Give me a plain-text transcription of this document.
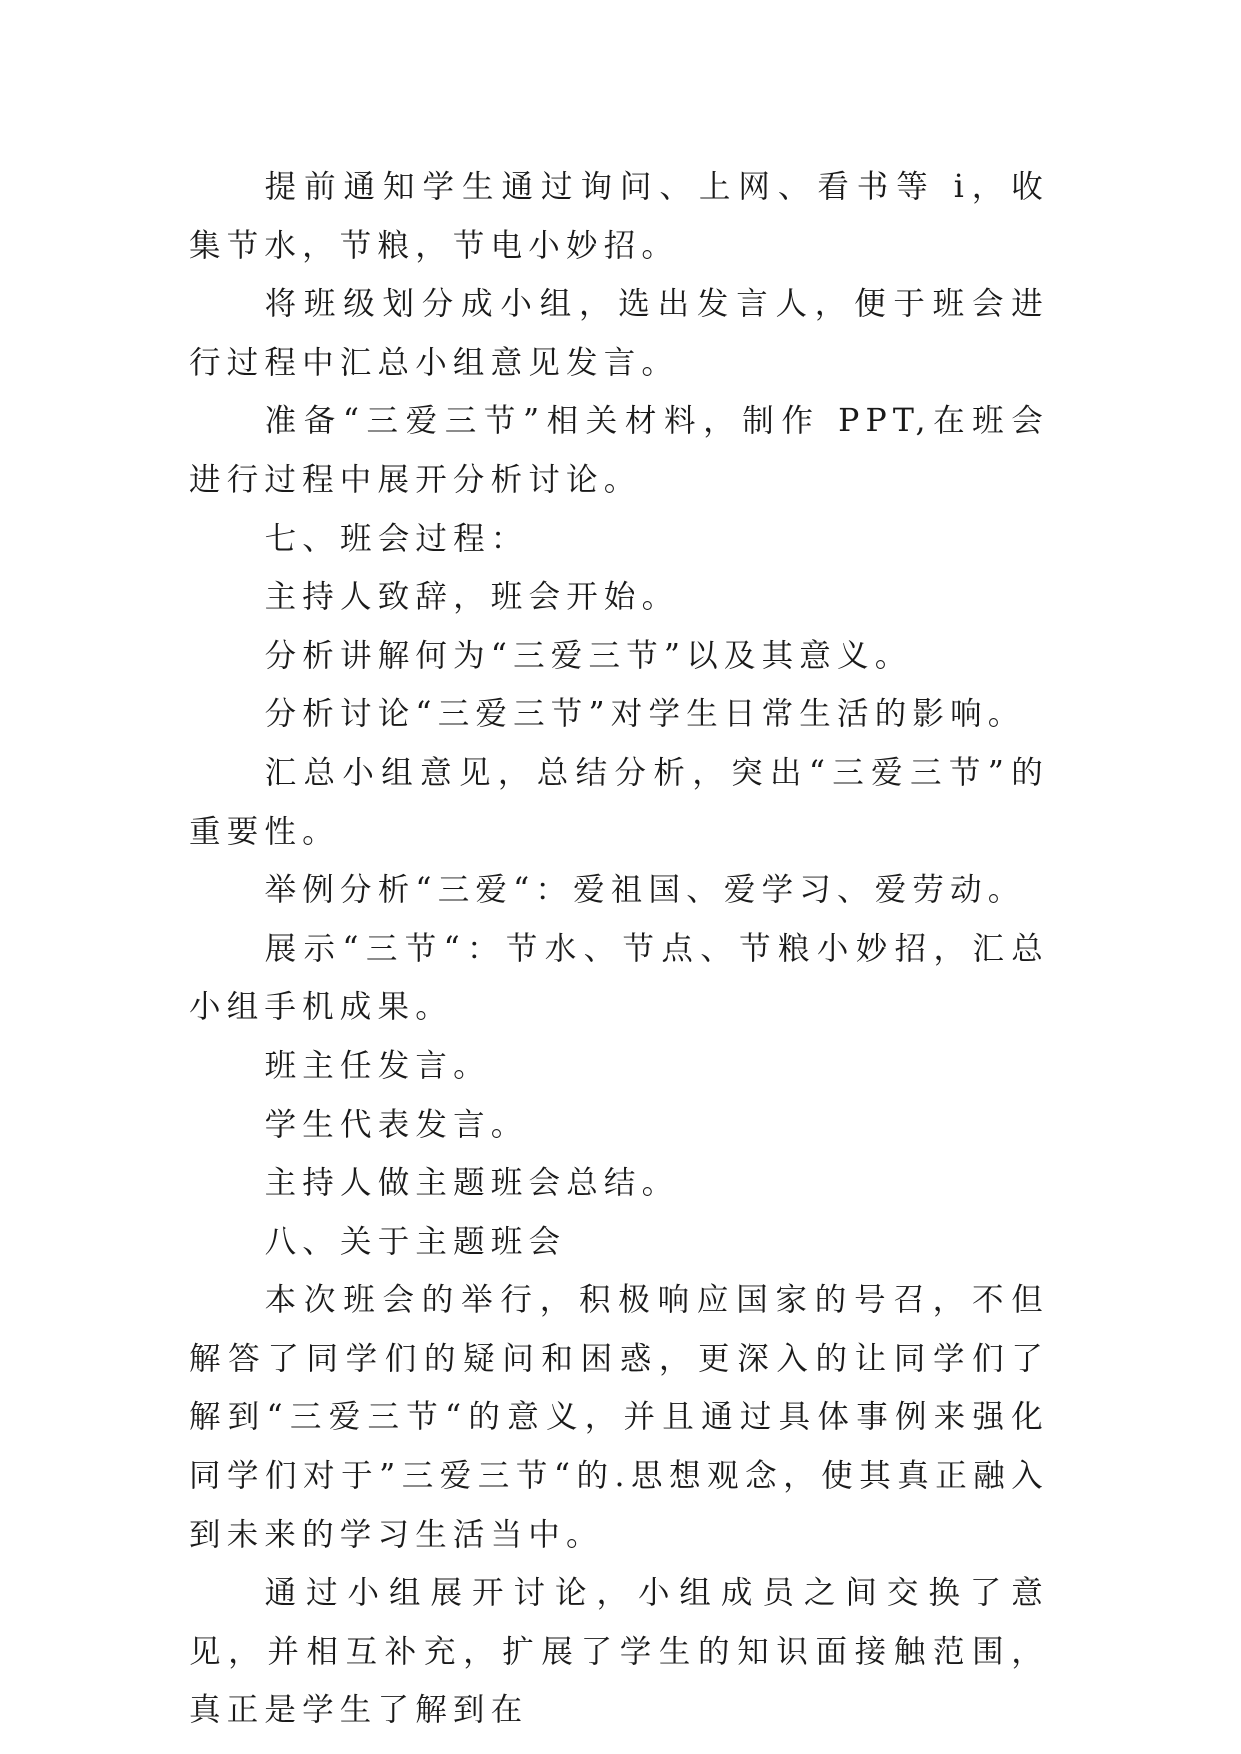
提前通知学生通过询问、上网、看书等 i，收集节水，节粮，节电小妙招。

将班级划分成小组，选出发言人，便于班会进行过程中汇总小组意见发言。

准备“三爱三节”相关材料，制作 PPT,在班会进行过程中展开分析讨论。

七、班会过程：

主持人致辞，班会开始。

分析讲解何为“三爱三节”以及其意义。

分析讨论“三爱三节”对学生日常生活的影响。

汇总小组意见，总结分析，突出“三爱三节”的重要性。

举例分析“三爱“：爱祖国、爱学习、爱劳动。

展示“三节“：节水、节点、节粮小妙招，汇总小组手机成果。

班主任发言。

学生代表发言。

主持人做主题班会总结。

八、关于主题班会

本次班会的举行，积极响应国家的号召，不但解答了同学们的疑问和困惑，更深入的让同学们了解到“三爱三节“的意义，并且通过具体事例来强化同学们对于”三爱三节“的.思想观念，使其真正融入到未来的学习生活当中。

通过小组展开讨论，小组成员之间交换了意见，并相互补充，扩展了学生的知识面接触范围，真正是学生了解到在
